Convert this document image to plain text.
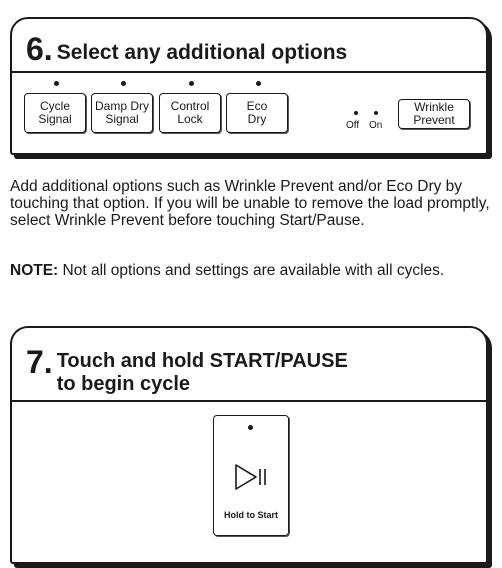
6. Select any additional options
Cycle
Signal
Damp Dry
Signal
Control
Lock
Eco
Dry	Off On
Wrinkle
Prevent
Add additional options such as Wrinkle Prevent and/or Eco Dry by touching that option. If you will be unable to remove the load promptly, select Wrinkle Prevent before touching Start/Pause.
NOTE: Not all options and settings are available with all cycles.
7. Touch and hold START/PAUSE
to begin cycle
Hold to Start
